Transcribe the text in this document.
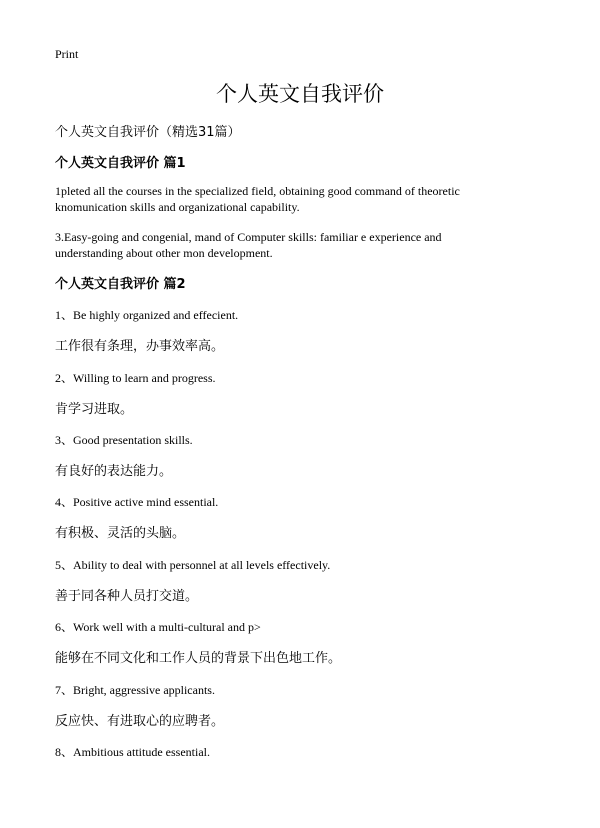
Print
个人英文自我评价
个人英文自我评价（精选31篇）
个人英文自我评价 篇1
1pleted all the courses in the specialized field, obtaining good command of theoretic
knomunication skills and organizational capability.
3.Easy-going and congenial, mand of Computer skills: familiar e experience and
understanding about other mon development.
个人英文自我评价 篇2
1、Be highly organized and effecient.
工作很有条理，办事效率高。
2、Willing to learn and progress.
肯学习进取。
3、Good presentation skills.
有良好的表达能力。
4、Positive active mind essential.
有积极、灵活的头脑。
5、Ability to deal with personnel at all levels effectively.
善于同各种人员打交道。
6、Work well with a multi-cultural and p>
能够在不同文化和工作人员的背景下出色地工作。
7、Bright, aggressive applicants.
反应快、有进取心的应聘者。
8、Ambitious attitude essential.
